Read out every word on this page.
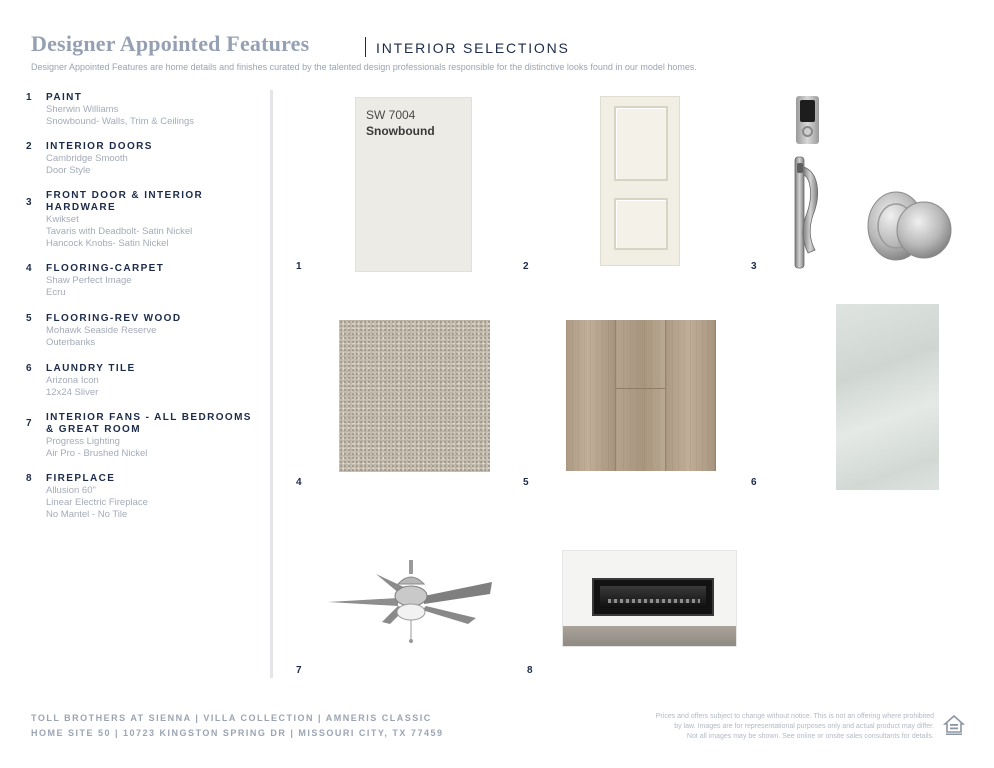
Designer Appointed Features	INTERIOR SELECTIONS
Designer Appointed Features are home details and finishes curated by the talented design professionals responsible for the distinctive looks found in our model homes.
1 PAINT
Sherwin Williams
Snowbound- Walls, Trim & Ceilings
2 INTERIOR DOORS
Cambridge Smooth
Door Style
3
FRONT DOOR & INTERIOR HARDWARE
Kwikset
Tavaris with Deadbolt- Satin Nickel
Hancock Knobs- Satin Nickel
4 FLOORING-CARPET
Shaw Perfect Image
Ecru
5 FLOORING-REV WOOD
Mohawk Seaside Reserve
Outerbanks
6 LAUNDRY TILE
Arizona Icon
12x24 Sliver
7
INTERIOR FANS - ALL BEDROOMS & GREAT ROOM
Progress Lighting
Air Pro - Brushed Nickel
8 FIREPLACE
Allusion 60"
Linear Electric Fireplace
No Mantel - No Tile
SW 7004
Snowbound
1	2	3
4	5	6
7	8
TOLL BROTHERS AT SIENNA | VILLA COLLECTION | AMNERIS CLASSIC
HOME SITE 50 | 10723 KINGSTON SPRING DR | MISSOURI CITY, TX 77459
Prices and offers subject to change without notice. This is not an offering where prohibited
by law. Images are for representational purposes only and actual product may differ.
Not all images may be shown. See online or onsite sales consultants for details.
